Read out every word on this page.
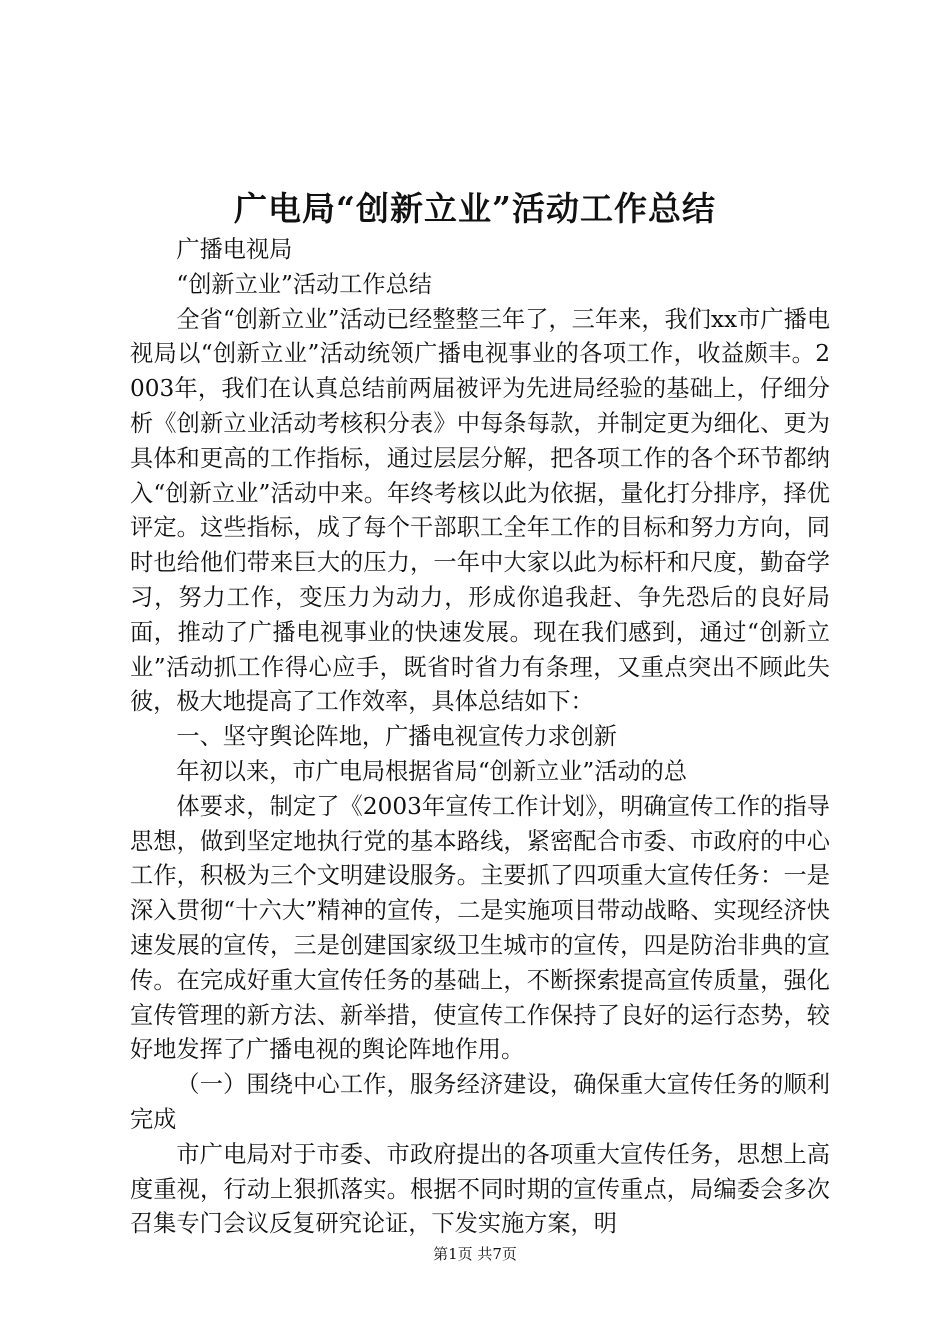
广电局“创新立业”活动工作总结

广播电视局

“创新立业”活动工作总结

全省“创新立业”活动已经整整三年了，三年来，我们xx市广播电视局以“创新立业”活动统领广播电视事业的各项工作，收益颇丰。2003年，我们在认真总结前两届被评为先进局经验的基础上，仔细分析《创新立业活动考核积分表》中每条每款，并制定更为细化、更为具体和更高的工作指标，通过层层分解，把各项工作的各个环节都纳入“创新立业”活动中来。年终考核以此为依据，量化打分排序，择优评定。这些指标，成了每个干部职工全年工作的目标和努力方向，同时也给他们带来巨大的压力，一年中大家以此为标杆和尺度，勤奋学习，努力工作，变压力为动力，形成你追我赶、争先恐后的良好局面，推动了广播电视事业的快速发展。现在我们感到，通过“创新立业”活动抓工作得心应手，既省时省力有条理，又重点突出不顾此失彼，极大地提高了工作效率，具体总结如下：

一、坚守舆论阵地，广播电视宣传力求创新

年初以来，市广电局根据省局“创新立业”活动的总

体要求，制定了《2003年宣传工作计划》，明确宣传工作的指导思想，做到坚定地执行党的基本路线，紧密配合市委、市政府的中心工作，积极为三个文明建设服务。主要抓了四项重大宣传任务：一是深入贯彻“十六大”精神的宣传，二是实施项目带动战略、实现经济快速发展的宣传，三是创建国家级卫生城市的宣传，四是防治非典的宣传。在完成好重大宣传任务的基础上，不断探索提高宣传质量，强化宣传管理的新方法、新举措，使宣传工作保持了良好的运行态势，较好地发挥了广播电视的舆论阵地作用。

（一）围绕中心工作，服务经济建设，确保重大宣传任务的顺利完成

市广电局对于市委、市政府提出的各项重大宣传任务，思想上高度重视，行动上狠抓落实。根据不同时期的宣传重点，局编委会多次召集专门会议反复研究论证，下发实施方案，明

第1页 共7页
